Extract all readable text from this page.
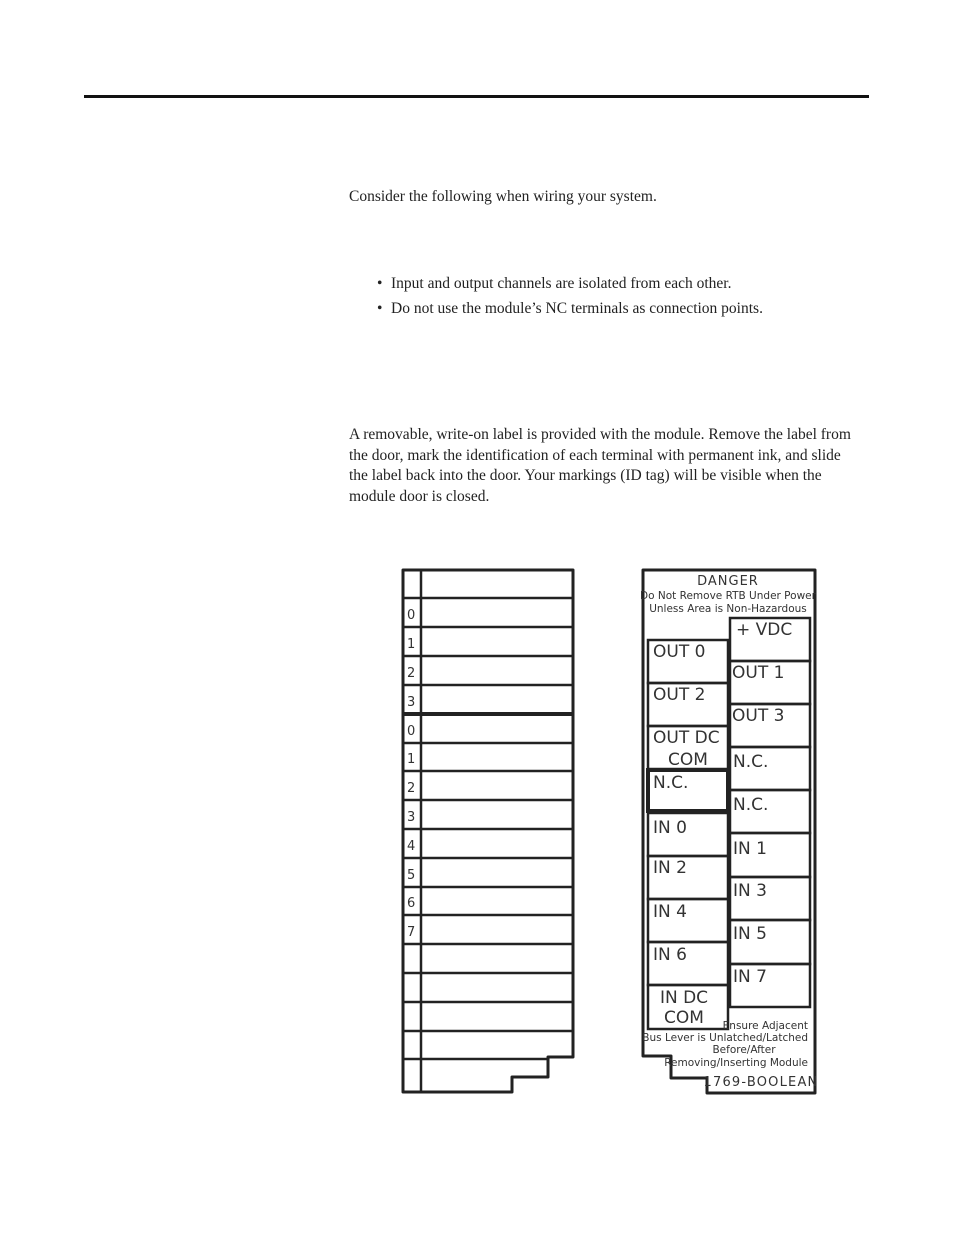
Consider the following when wiring your system.

• Input and output channels are isolated from each other.
• Do not use the module’s NC terminals as connection points.

A removable, write-on label is provided with the module. Remove the label from the door, mark the identification of each terminal with permanent ink, and slide the label back into the door. Your markings (ID tag) will be visible when the module door is closed.

0
1
2
3
0
1
2
3
4
5
6
7
DANGER
Do Not Remove RTB Under Power
Unless Area is Non-Hazardous
OUT 0
OUT 2
OUT DC
COM
N.C.
IN 0
IN 2
IN 4
IN 6
IN DC
COM
+ VDC
OUT 1
OUT 3
N.C.
N.C.
IN 1
IN 3
IN 5
IN 7
Ensure Adjacent
Bus Lever is Unlatched/Latched
Before/After
Removing/Inserting Module
1769-BOOLEAN
